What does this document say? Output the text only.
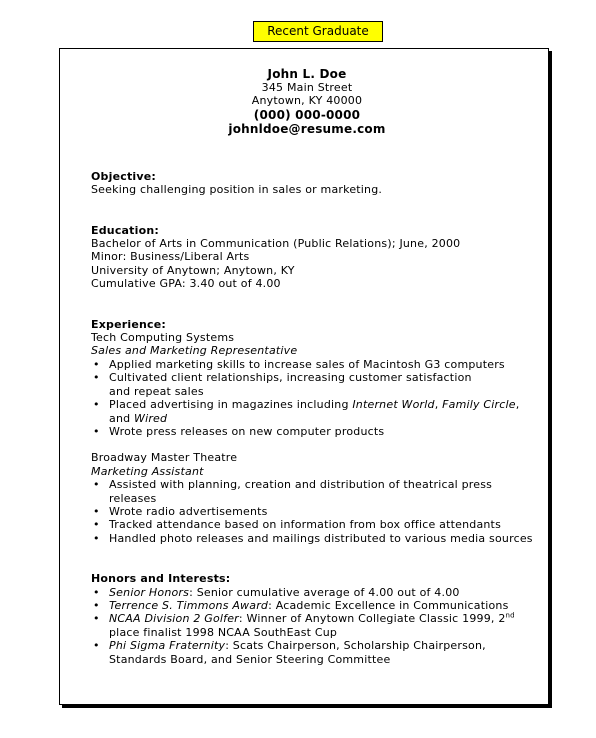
Recent Graduate
John L. Doe
345 Main Street
Anytown, KY 40000
(000) 000-0000
johnldoe@resume.com
Objective:
Seeking challenging position in sales or marketing.
Education:
Bachelor of Arts in Communication (Public Relations); June, 2000
Minor: Business/Liberal Arts
University of Anytown; Anytown, KY
Cumulative GPA: 3.40 out of 4.00
Experience:
Tech Computing Systems
Sales and Marketing Representative
• Applied marketing skills to increase sales of Macintosh G3 computers
• Cultivated client relationships, increasing customer satisfaction
and repeat sales
• Placed advertising in magazines including Internet World, Family Circle,
and Wired
• Wrote press releases on new computer products
Broadway Master Theatre
Marketing Assistant
• Assisted with planning, creation and distribution of theatrical press
releases
• Wrote radio advertisements
• Tracked attendance based on information from box office attendants
• Handled photo releases and mailings distributed to various media sources
Honors and Interests:
• Senior Honors: Senior cumulative average of 4.00 out of 4.00
• Terrence S. Timmons Award: Academic Excellence in Communications
• NCAA Division 2 Golfer: Winner of Anytown Collegiate Classic 1999, 2nd
place finalist 1998 NCAA SouthEast Cup
• Phi Sigma Fraternity: Scats Chairperson, Scholarship Chairperson,
Standards Board, and Senior Steering Committee
